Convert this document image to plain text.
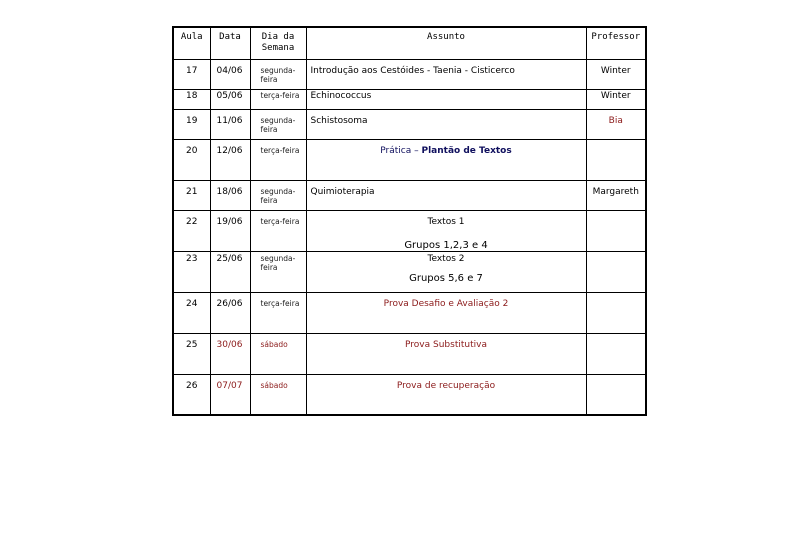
Aula	Data	Dia da Semana	Assunto	Professor
17	04/06	segunda-feira	Introdução aos Cestóides - Taenia - Cisticerco	Winter
18	05/06	terça-feira	Echinococcus	Winter
19	11/06	segunda-feira	Schistosoma	Bia
20	12/06	terça-feira	Prática – Plantão de Textos	
21	18/06	segunda-feira	Quimioterapia	Margareth
22	19/06	terça-feira	Textos 1
Grupos 1,2,3 e 4	

23	25/06	segunda-feira	Textos 2
Grupos 5,6 e 7	

24	26/06	terça-feira	Prova Desafio e Avaliação 2	
25	30/06	sábado	Prova Substitutiva	
26	07/07	sábado	Prova de recuperação	
